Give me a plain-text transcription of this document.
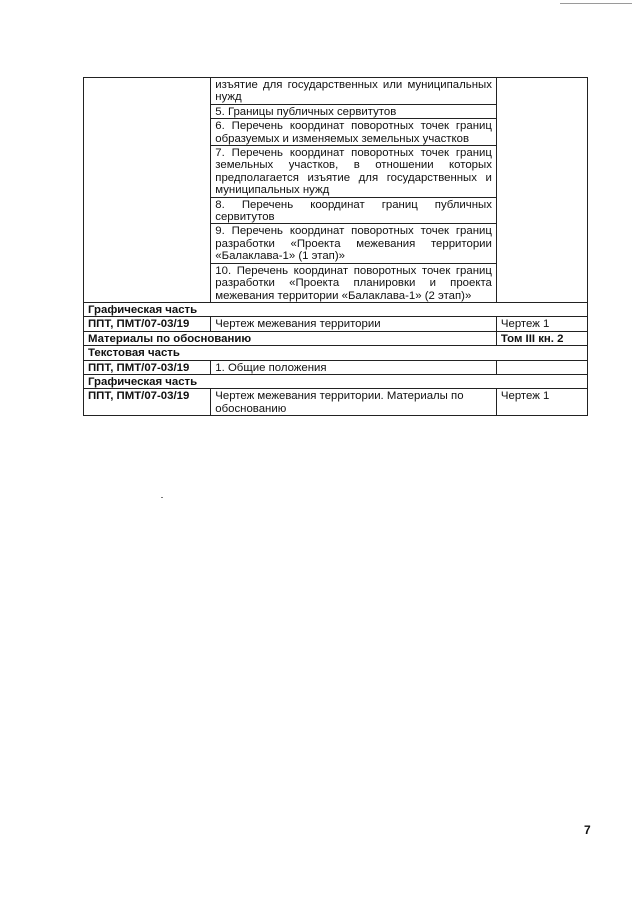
	изъятие для государственных или муниципальных нужд	
	5. Границы публичных сервитутов	
	6. Перечень координат поворотных точек границ образуемых и изменяемых земельных участков	
	7. Перечень координат поворотных точек границ земельных участков, в отношении которых предполагается изъятие для государственных и муниципальных нужд	
	8. Перечень координат границ публичных сервитутов	
	9. Перечень координат поворотных точек границ разработки «Проекта межевания территории «Балаклава-1» (1 этап)»	
	10. Перечень координат поворотных точек границ разработки «Проекта планировки и проекта межевания территории «Балаклава-1» (2 этап)»	
Графическая часть		
ППТ, ПМТ/07-03/19	Чертеж межевания территории	Чертеж 1
Материалы по обоснованию		Том III кн. 2
Текстовая часть		
ППТ, ПМТ/07-03/19	1. Общие положения	
Графическая часть		
ППТ, ПМТ/07-03/19	Чертеж межевания территории. Материалы по обоснованию	Чертеж 1
7
